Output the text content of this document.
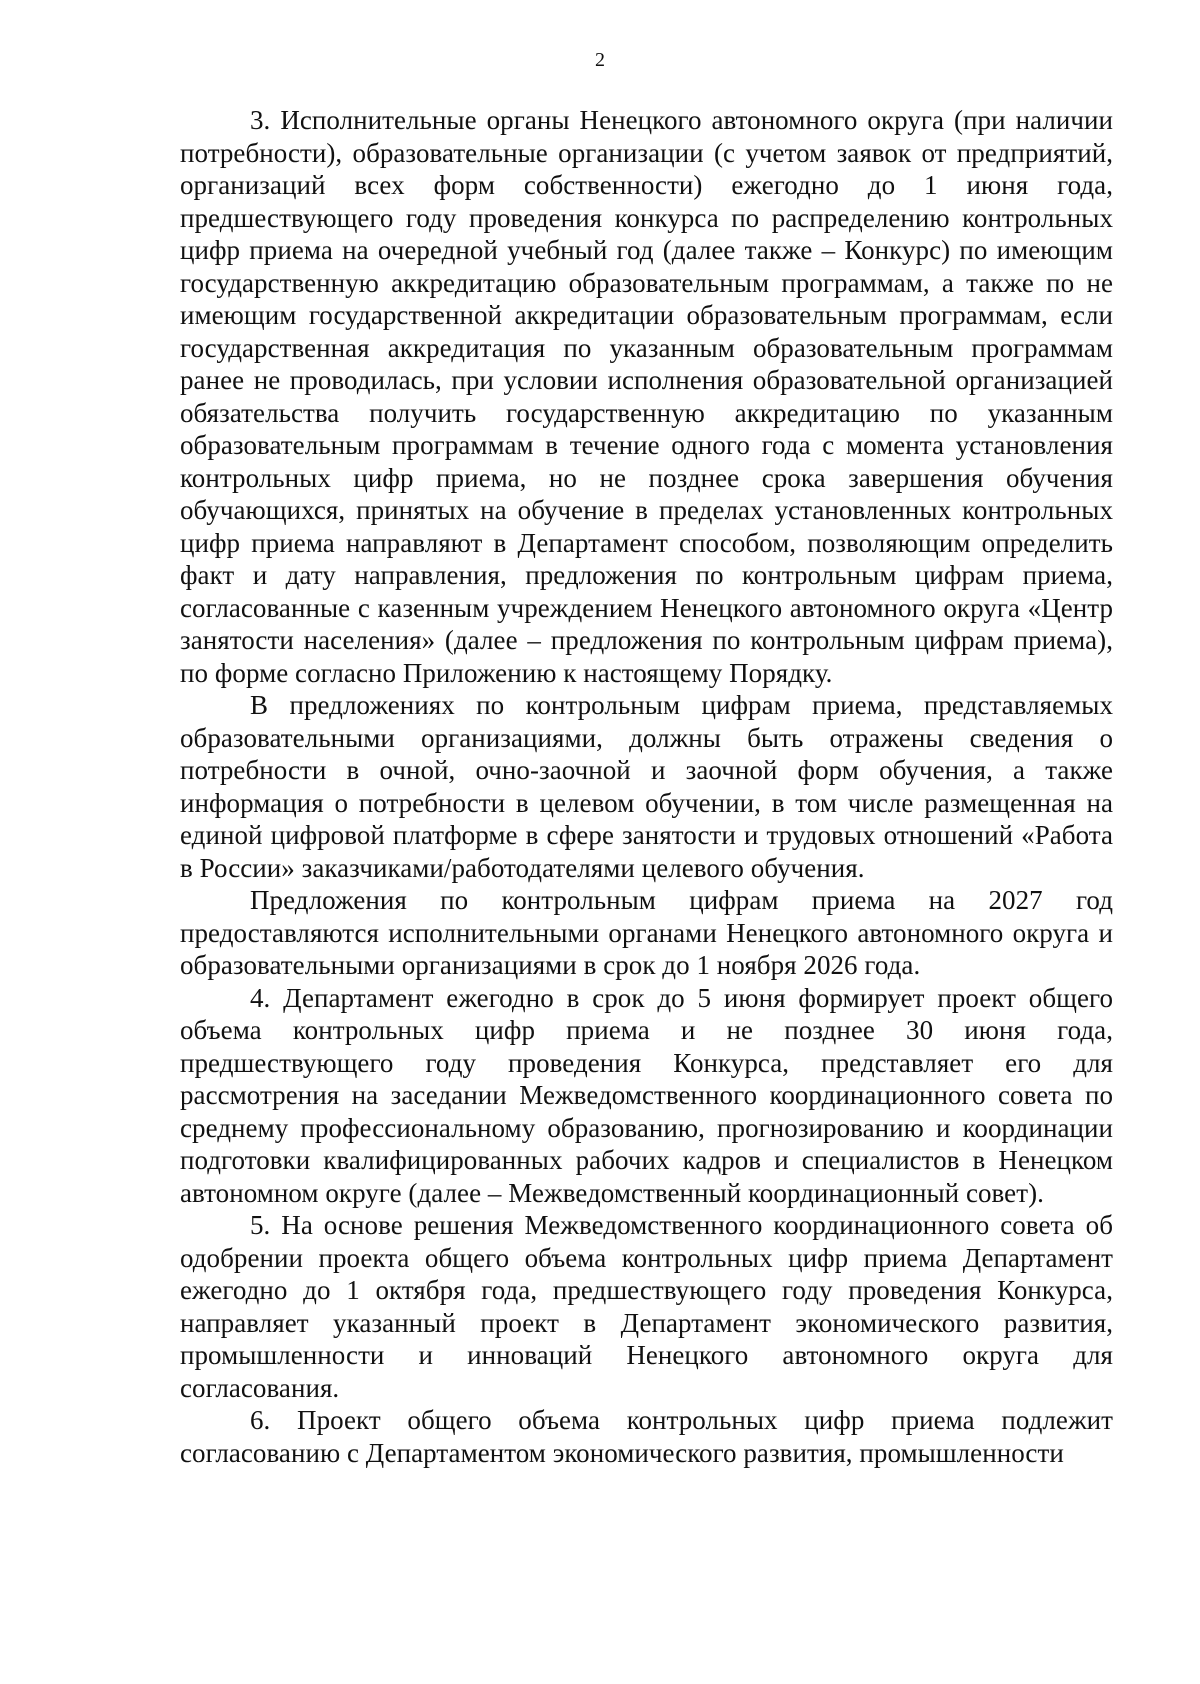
2

3. Исполнительные органы Ненецкого автономного округа (при наличии потребности), образовательные организации (с учетом заявок от предприятий, организаций всех форм собственности) ежегодно до 1 июня года, предшествующего году проведения конкурса по распределению контрольных цифр приема на очередной учебный год (далее также – Конкурс) по имеющим государственную аккредитацию образовательным программам, а также по не имеющим государственной аккредитации образовательным программам, если государственная аккредитация по указанным образовательным программам ранее не проводилась, при условии исполнения образовательной организацией обязательства получить государственную аккредитацию по указанным образовательным программам в течение одного года с момента установления контрольных цифр приема, но не позднее срока завершения обучения обучающихся, принятых на обучение в пределах установленных контрольных цифр приема направляют в Департамент способом, позволяющим определить факт и дату направления, предложения по контрольным цифрам приема, согласованные с казенным учреждением Ненецкого автономного округа «Центр занятости населения» (далее – предложения по контрольным цифрам приема), по форме согласно Приложению к настоящему Порядку.

В предложениях по контрольным цифрам приема, представляемых образовательными организациями, должны быть отражены сведения о потребности в очной, очно-заочной и заочной форм обучения, а также информация о потребности в целевом обучении, в том числе размещенная на единой цифровой платформе в сфере занятости и трудовых отношений «Работа в России» заказчиками/работодателями целевого обучения.

Предложения по контрольным цифрам приема на 2027 год предоставляются исполнительными органами Ненецкого автономного округа и образовательными организациями в срок до 1 ноября 2026 года.

4. Департамент ежегодно в срок до 5 июня формирует проект общего объема контрольных цифр приема и не позднее 30 июня года, предшествующего году проведения Конкурса, представляет его для рассмотрения на заседании Межведомственного координационного совета по среднему профессиональному образованию, прогнозированию и координации подготовки квалифицированных рабочих кадров и специалистов в Ненецком автономном округе (далее – Межведомственный координационный совет).

5. На основе решения Межведомственного координационного совета об одобрении проекта общего объема контрольных цифр приема Департамент ежегодно до 1 октября года, предшествующего году проведения Конкурса, направляет указанный проект в Департамент экономического развития, промышленности и инноваций Ненецкого автономного округа для согласования.

6. Проект общего объема контрольных цифр приема подлежит согласованию с Департаментом экономического развития, промышленности
